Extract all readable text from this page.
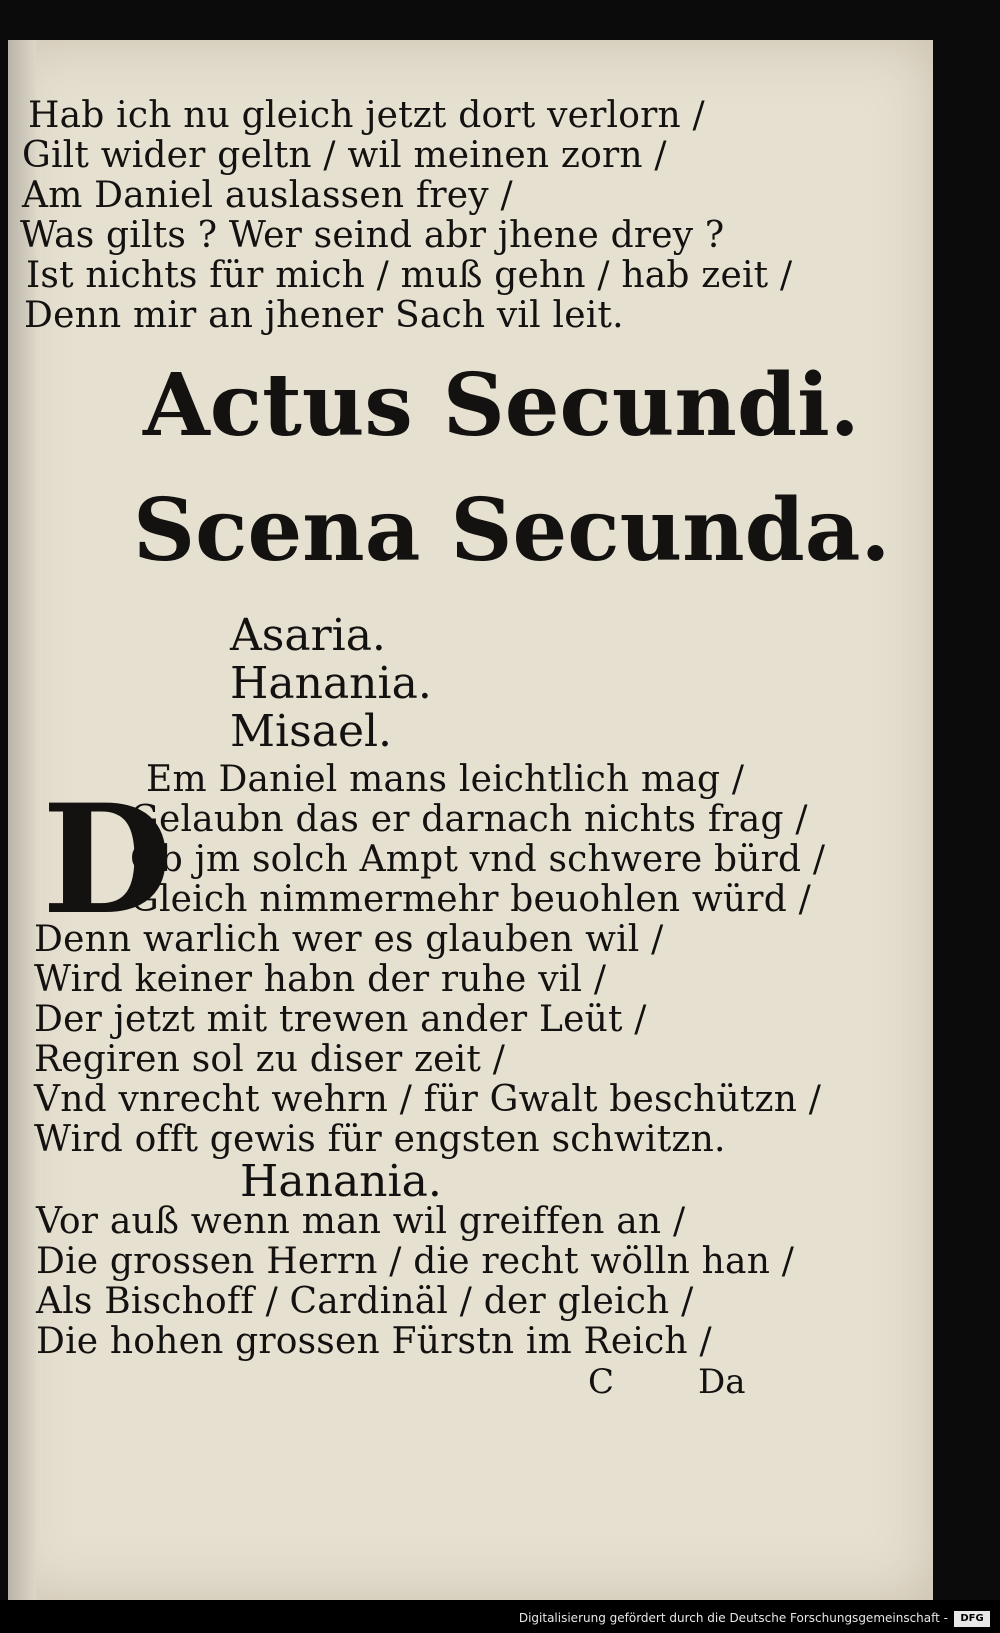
Hab ich nu gleich jetzt dort verlorn /
Gilt wider geltn / wil meinen zorn /
Am Daniel auslassen frey /
Was gilts ? Wer seind abr jhene drey ?
Ist nichts für mich / muß gehn / hab zeit /
Denn mir an jhener Sach vil leit.
Actus Secundi.
Scena Secunda.
Asaria.
Hanania.
Misael.
D
Em Daniel mans leichtlich mag /
Gelaubn das er darnach nichts frag /
Ob jm solch Ampt vnd schwere bürd /
Gleich nimmermehr beuohlen würd /
Denn warlich wer es glauben wil /
Wird keiner habn der ruhe vil /
Der jetzt mit trewen ander Leüt /
Regiren sol zu diser zeit /
Vnd vnrecht wehrn / für Gwalt beschützn /
Wird offt gewis für engsten schwitzn.
Hanania.
Vor auß wenn man wil greiffen an /
Die grossen Herrn / die recht wölln han /
Als Bischoff / Cardinäl / der gleich /
Die hohen grossen Fürstn im Reich /
C Da
Digitalisierung gefördert durch die Deutsche Forschungsgemeinschaft -	DFG
